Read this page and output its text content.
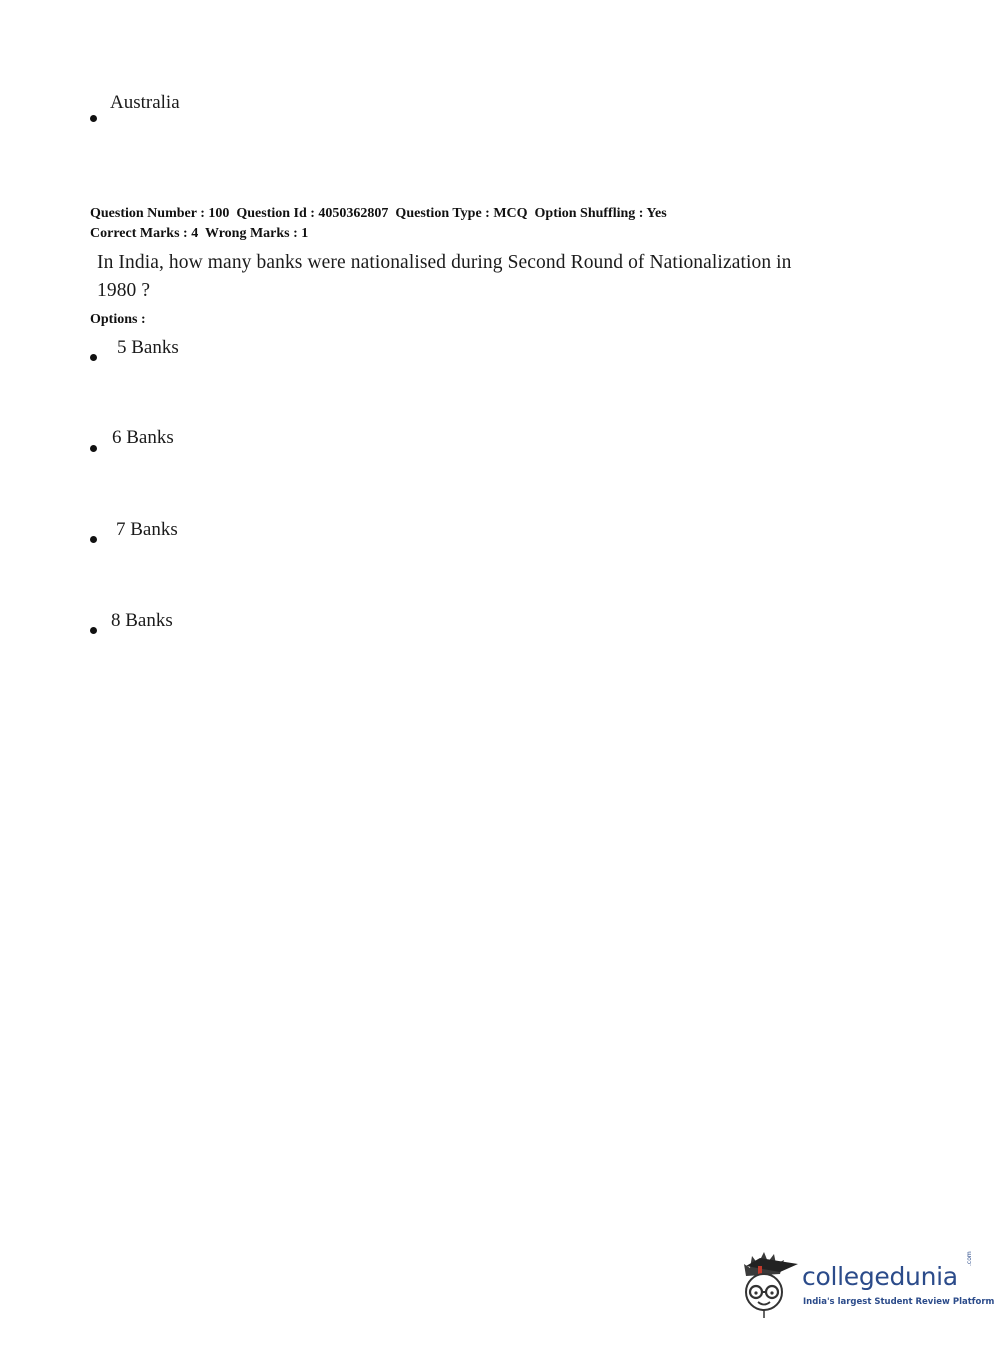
Australia
Question Number : 100  Question Id : 4050362807  Question Type : MCQ  Option Shuffling : Yes
Correct Marks : 4  Wrong Marks : 1
In India, how many banks were nationalised during Second Round of Nationalization in
1980 ?
Options :
5 Banks
6 Banks
7 Banks
8 Banks
collegedunia
.com
India's largest Student Review Platform
